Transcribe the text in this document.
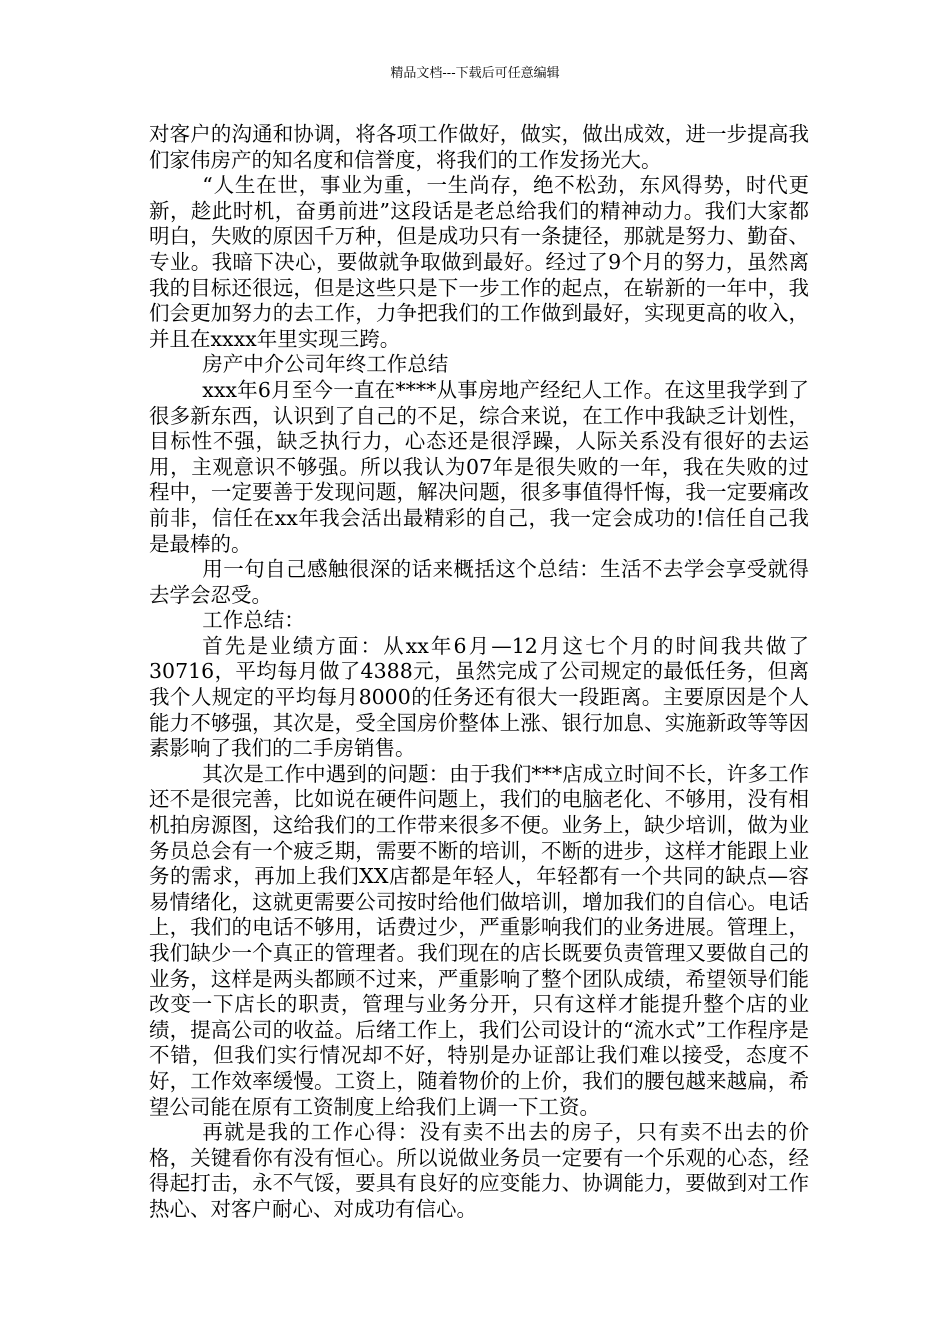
精品文档---下载后可任意编辑

对客户的沟通和协调，将各项工作做好，做实，做出成效，进一步提高我们家伟房产的知名度和信誉度，将我们的工作发扬光大。

“人生在世，事业为重，一生尚存，绝不松劲，东风得势，时代更新，趁此时机，奋勇前进”这段话是老总给我们的精神动力。我们大家都明白，失败的原因千万种，但是成功只有一条捷径，那就是努力、勤奋、专业。我暗下决心，要做就争取做到最好。经过了9个月的努力，虽然离我的目标还很远，但是这些只是下一步工作的起点，在崭新的一年中，我们会更加努力的去工作，力争把我们的工作做到最好，实现更高的收入，并且在xxxx年里实现三跨。

房产中介公司年终工作总结

xxx年6月至今一直在****从事房地产经纪人工作。在这里我学到了很多新东西，认识到了自己的不足，综合来说，在工作中我缺乏计划性，目标性不强，缺乏执行力，心态还是很浮躁，人际关系没有很好的去运用，主观意识不够强。所以我认为07年是很失败的一年，我在失败的过程中，一定要善于发现问题，解决问题，很多事值得忏悔，我一定要痛改前非，信任在xx年我会活出最精彩的自己，我一定会成功的!信任自己我是最棒的。

用一句自己感触很深的话来概括这个总结：生活不去学会享受就得去学会忍受。

工作总结：

首先是业绩方面：从xx年6月—12月这七个月的时间我共做了30716，平均每月做了4388元，虽然完成了公司规定的最低任务，但离我个人规定的平均每月8000的任务还有很大一段距离。主要原因是个人能力不够强，其次是，受全国房价整体上涨、银行加息、实施新政等等因素影响了我们的二手房销售。

其次是工作中遇到的问题：由于我们***店成立时间不长，许多工作还不是很完善，比如说在硬件问题上，我们的电脑老化、不够用，没有相机拍房源图，这给我们的工作带来很多不便。业务上，缺少培训，做为业务员总会有一个疲乏期，需要不断的培训，不断的进步，这样才能跟上业务的需求，再加上我们XX店都是年轻人，年轻都有一个共同的缺点—容易情绪化，这就更需要公司按时给他们做培训，增加我们的自信心。电话上，我们的电话不够用，话费过少，严重影响我们的业务进展。管理上，我们缺少一个真正的管理者。我们现在的店长既要负责管理又要做自己的业务，这样是两头都顾不过来，严重影响了整个团队成绩，希望领导们能改变一下店长的职责，管理与业务分开，只有这样才能提升整个店的业绩，提高公司的收益。后绪工作上，我们公司设计的“流水式”工作程序是不错，但我们实行情况却不好，特别是办证部让我们难以接受，态度不好，工作效率缓慢。工资上，随着物价的上价，我们的腰包越来越扁，希望公司能在原有工资制度上给我们上调一下工资。

再就是我的工作心得：没有卖不出去的房子，只有卖不出去的价格，关键看你有没有恒心。所以说做业务员一定要有一个乐观的心态，经得起打击，永不气馁，要具有良好的应变能力、协调能力，要做到对工作热心、对客户耐心、对成功有信心。
